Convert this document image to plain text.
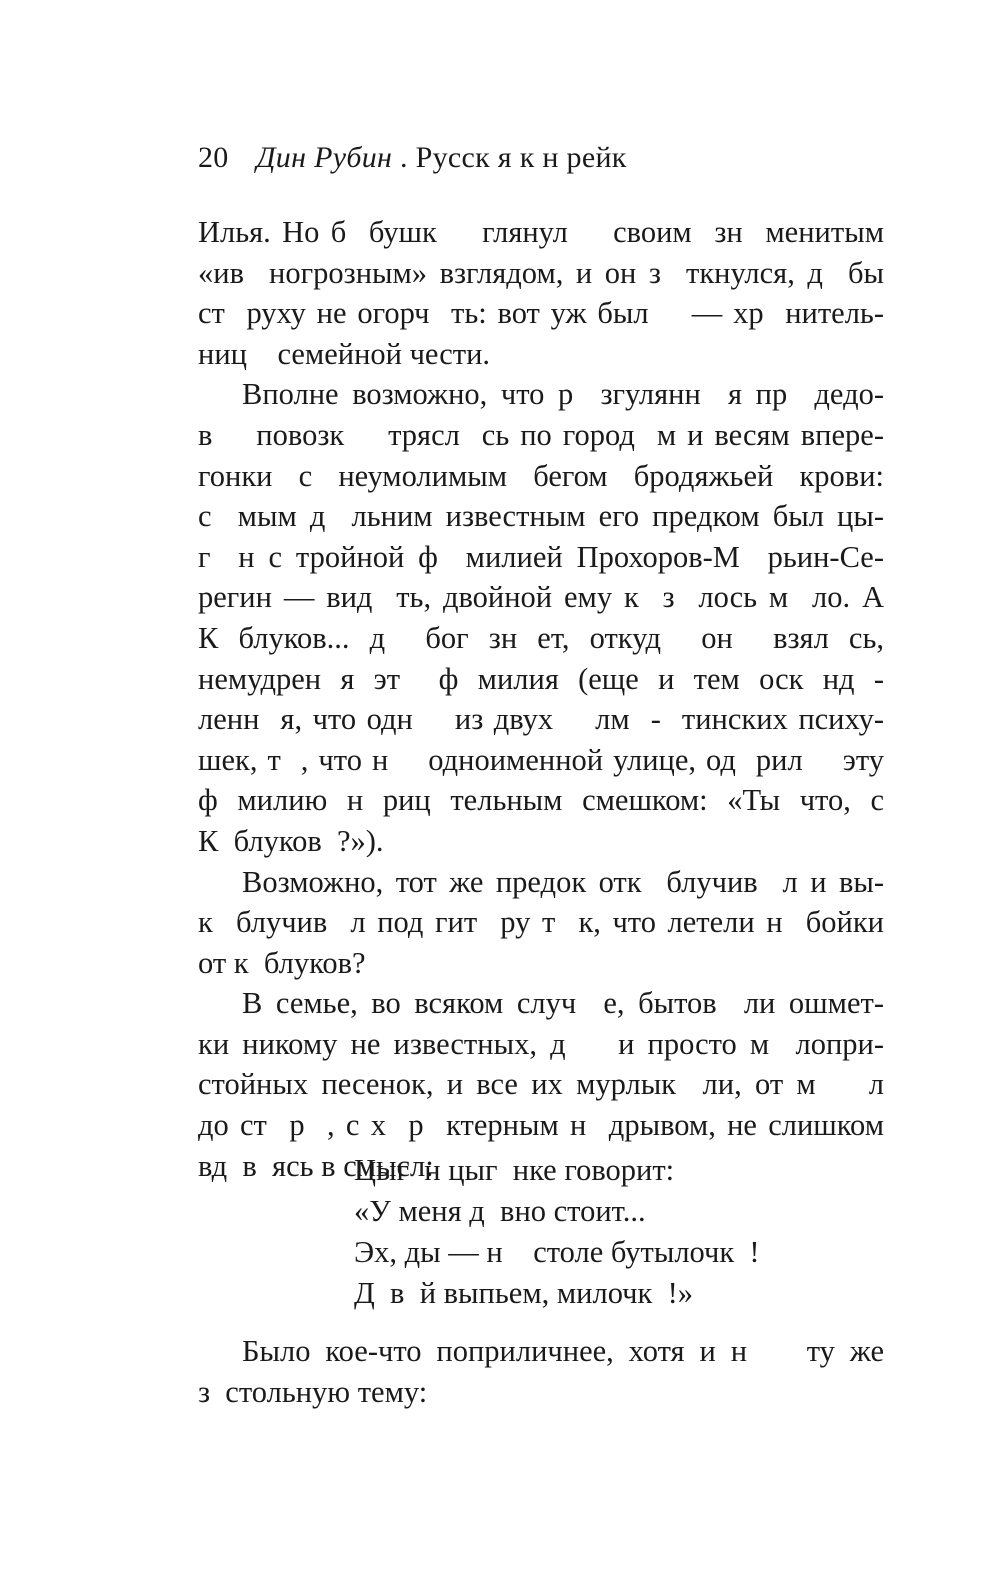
20 Дин Рубин . Русск я к н рейк
Илья. Но б  бушк    глянул    своим  зн  менитым
«ив  ногрозным» взглядом, и он з  ткнулся, д  бы
ст  руху не огорч  ть: вот уж был    — хр  нитель-
ниц    семейной чести.
Вполне возможно, что р  згулянн  я пр  дедо-
в    повозк    трясл  сь по город  м и весям вперe-
гонки  с  неумолимым  бегом  бродяжьей  крови:
с  мым д  льним известным его предком был цы-
г  н с тройной ф  милией Прохоров-М  рьин-Се-
регин — вид  ть, двойной ему к  з  лось м  ло. А
К  блуков...  д    бог  зн  ет,  откуд    он    взял  сь,
немудрен  я  эт    ф  милия  (еще  и  тем  оск  нд  -
ленн  я, что одн    из двух    лм  -  тинских психу-
шек, т  , что н    одноименной улице, од  рил    эту
ф  милию  н  риц  тельным  смешком:  «Ты  что,  с
К  блуков  ?»).
Возможно, тот же предок отк  блучив  л и вы-
к  блучив  л под гит  ру т  к, что летели н  бойки
от к  блуков?
В семье, во всяком случ  е, бытов  ли ошмет-
ки никому не известных, д    и просто м  лопри-
стойных песенок, и все их мурлык  ли, от м    л
до ст  р  , с х  р  ктерным н  дрывом, не слишком
вд  в  ясь в смысл:
Цыг  н цыг  нке говорит:
«У меня д  вно стоит...
Эх, ды — н    столе бутылочк  !
Д  в  й выпьем, милочк  !»
Было кое-что поприличнее, хотя и н    ту же
з  стольную тему:
